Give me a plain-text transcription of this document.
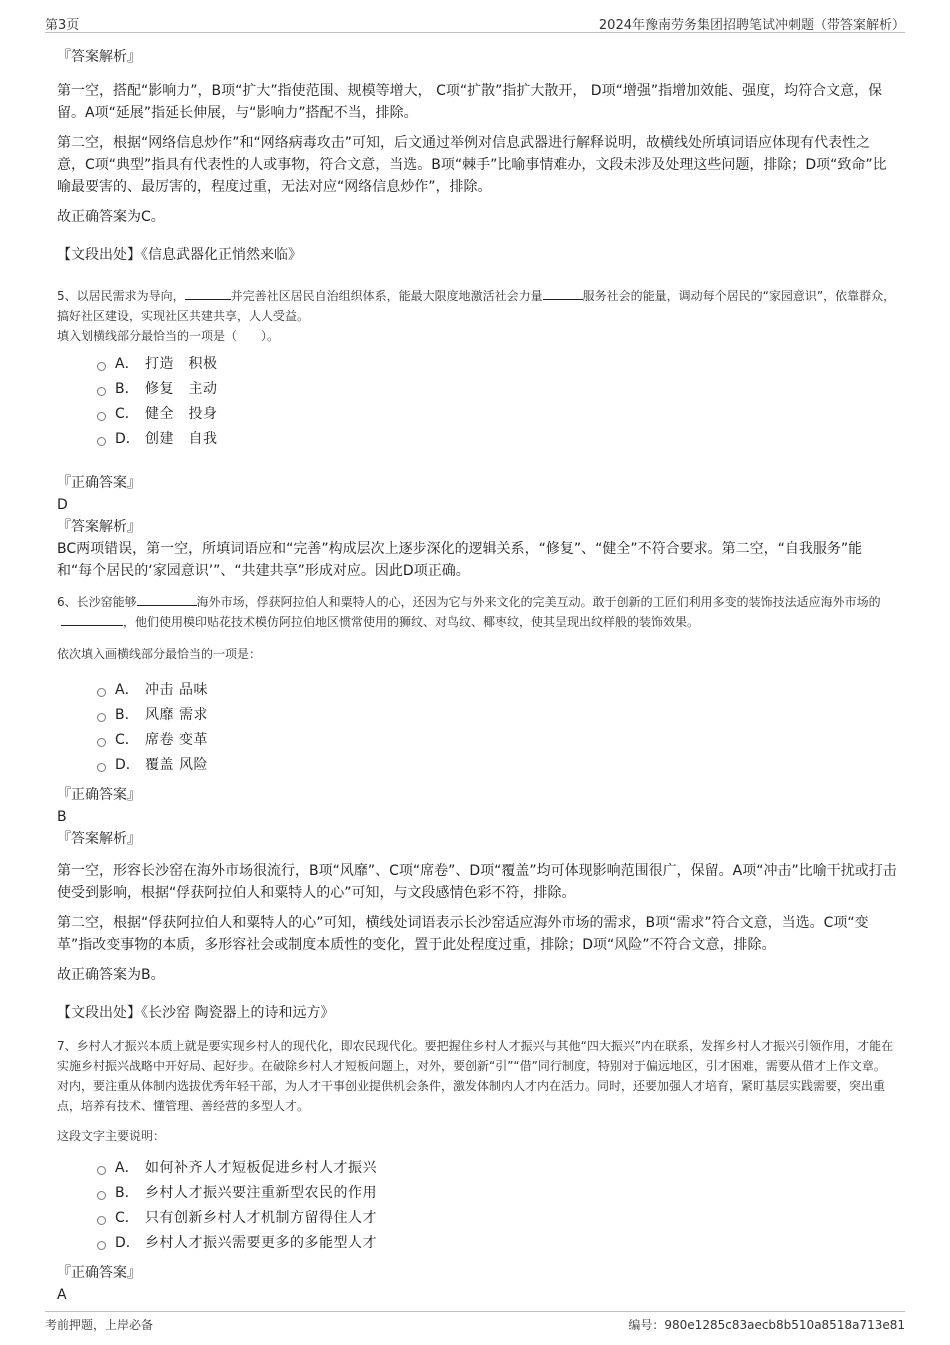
第3页	2024年豫南劳务集团招聘笔试冲刺题（带答案解析）

『答案解析』

第一空，搭配“影响力”，B项“扩大”指使范围、规模等增大， C项“扩散”指扩大散开， D项“增强”指增加效能、强度，均符合文意，保留。A项“延展”指延长伸展，与“影响力”搭配不当，排除。

第二空，根据“网络信息炒作”和“网络病毒攻击”可知，后文通过举例对信息武器进行解释说明，故横线处所填词语应体现有代表性之意，C项“典型”指具有代表性的人或事物，符合文意，当选。B项“棘手”比喻事情难办，文段未涉及处理这些问题，排除；D项“致命”比喻最要害的、最厉害的，程度过重，无法对应“网络信息炒作”，排除。

故正确答案为C。

【文段出处】《信息武器化正悄然来临》

5、以居民需求为导向，	并完善社区居民自治组织体系，能最大限度地激活社会力量	服务社会的能量，调动每个居民的“家园意识”，依靠群众，搞好社区建设，实现社区共建共享，人人受益。

填入划横线部分最恰当的一项是（　　）。

A． 打造　积极
B． 修复　主动
C． 健全　投身
D． 创建　自我

『正确答案』

D

『答案解析』

BC两项错误，第一空，所填词语应和“完善”构成层次上逐步深化的逻辑关系，“修复”、“健全”不符合要求。第二空，“自我服务”能和“每个居民的‘家园意识’”、“共建共享”形成对应。因此D项正确。

6、长沙窑能够	海外市场，俘获阿拉伯人和粟特人的心，还因为它与外来文化的完美互动。敢于创新的工匠们利用多变的装饰技法适应海外市场的，他们使用模印贴花技术模仿阿拉伯地区惯常使用的狮纹、对鸟纹、椰枣纹，使其呈现出纹样般的装饰效果。

依次填入画横线部分最恰当的一项是：

A． 冲击 品味
B． 风靡 需求
C． 席卷 变革
D． 覆盖 风险

『正确答案』

B

『答案解析』

第一空，形容长沙窑在海外市场很流行，B项“风靡”、C项“席卷”、D项“覆盖”均可体现影响范围很广，保留。A项“冲击”比喻干扰或打击使受到影响，根据“俘获阿拉伯人和粟特人的心”可知，与文段感情色彩不符，排除。

第二空，根据“俘获阿拉伯人和粟特人的心”可知，横线处词语表示长沙窑适应海外市场的需求，B项“需求”符合文意，当选。C项“变革”指改变事物的本质，多形容社会或制度本质性的变化，置于此处程度过重，排除；D项“风险”不符合文意，排除。

故正确答案为B。

【文段出处】《长沙窑 陶瓷器上的诗和远方》

7、乡村人才振兴本质上就是要实现乡村人的现代化，即农民现代化。要把握住乡村人才振兴与其他“四大振兴”内在联系，发挥乡村人才振兴引领作用，才能在实施乡村振兴战略中开好局、起好步。在破除乡村人才短板问题上，对外，要创新“引”“借”同行制度，特别对于偏远地区，引才困难，需要从借才上作文章。对内，要注重从体制内选拔优秀年轻干部，为人才干事创业提供机会条件，激发体制内人才内在活力。同时，还要加强人才培育，紧盯基层实践需要，突出重点，培养有技术、懂管理、善经营的多型人才。

这段文字主要说明：

A． 如何补齐人才短板促进乡村人才振兴
B． 乡村人才振兴要注重新型农民的作用
C． 只有创新乡村人才机制方留得住人才
D． 乡村人才振兴需要更多的多能型人才

『正确答案』

A

考前押题，上岸必备	编号：980e1285c83aecb8b510a8518a713e81
